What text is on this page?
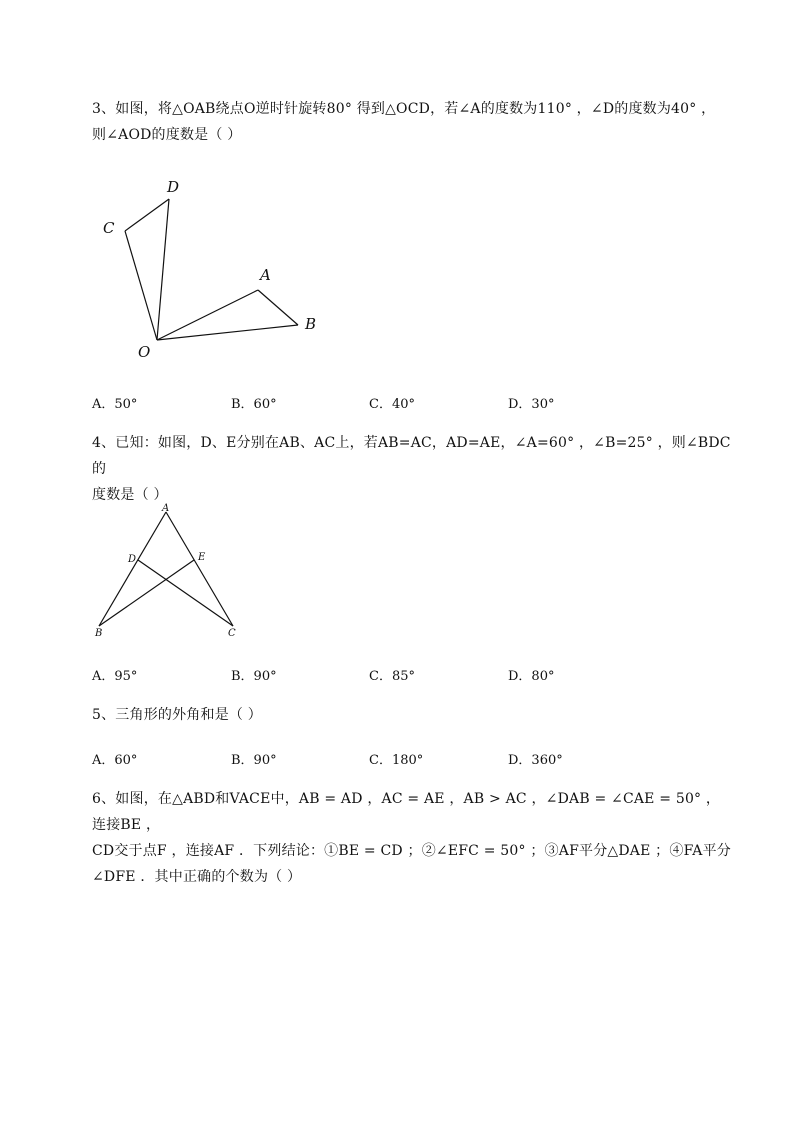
3、如图，将△OAB绕点O逆时针旋转80° 得到△OCD，若∠A的度数为110° ，∠D的度数为40° ，
则∠AOD的度数是（ ）
D
C
A
B
O
A．50°	B．60°	C．40°	D．30°
4、已知：如图，D、E分别在AB、AC上，若AB=AC，AD=AE，∠A=60° ，∠B=25° ，则∠BDC的
度数是（ ）
A
D	E
B	C
A．95°	B．90°	C．85°	D．80°
5、三角形的外角和是（ ）
A．60°	B．90°	C．180°	D．360°
6、如图，在△ABD和VACE中，AB = AD ，AC = AE ，AB > AC ，∠DAB = ∠CAE = 50° ，连接BE ，
CD交于点F ，连接AF ．下列结论：①BE = CD ；②∠EFC = 50° ；③AF平分△DAE ；④FA平分
∠DFE ．其中正确的个数为（ ）
